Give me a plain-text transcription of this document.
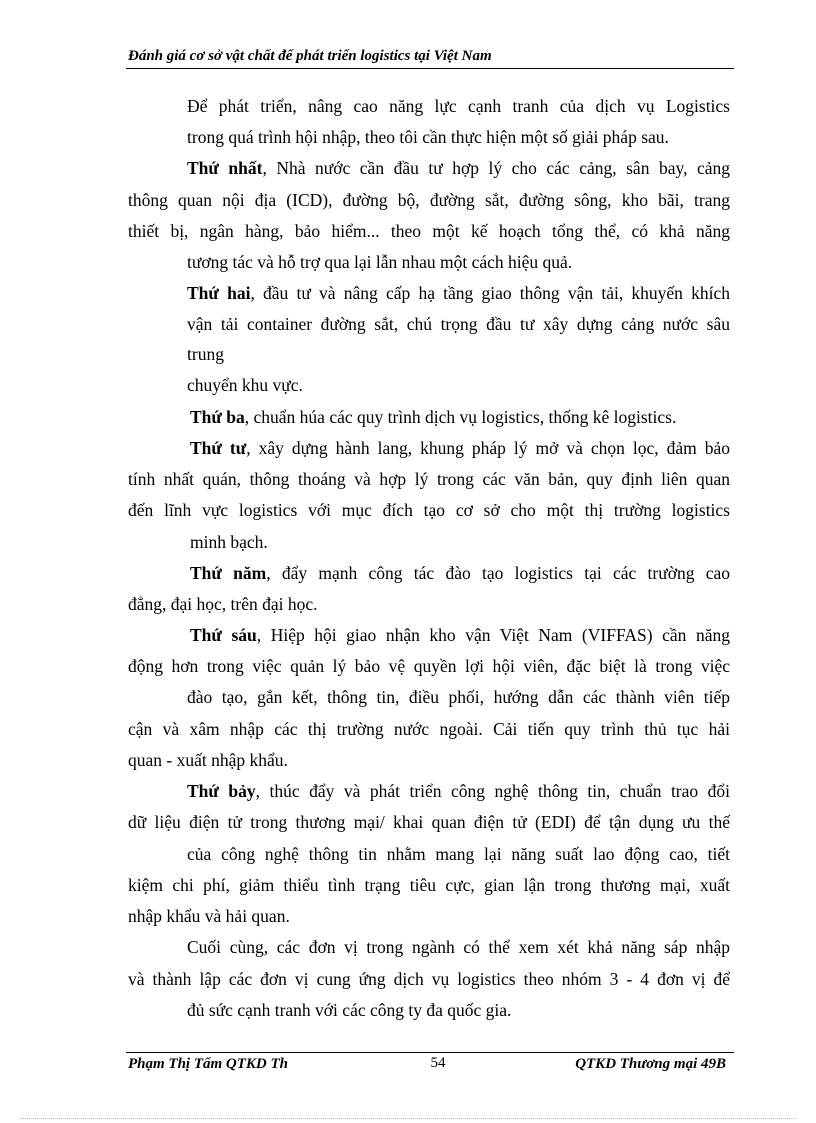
Đánh giá cơ sở vật chất để phát triển logistics tại Việt Nam
Để phát triển, nâng cao năng lực cạnh tranh của dịch vụ Logistics
trong quá trình hội nhập, theo tôi cần thực hiện một số giải pháp sau.
Thứ nhất, Nhà nước cần đầu tư hợp lý cho các cảng, sân bay, cảng
thông quan nội địa (ICD), đường bộ, đường sắt, đường sông, kho bãi, trang
thiết bị, ngân hàng, bảo hiểm... theo một kế hoạch tổng thể, có khả năng
tương tác và hỗ trợ qua lại lẫn nhau một cách hiệu quả.
Thứ hai, đầu tư và nâng cấp hạ tầng giao thông vận tải, khuyến khích
vận tải container đường sắt, chú trọng đầu tư xây dựng cảng nước sâu
trung
chuyển khu vực.
Thứ ba, chuẩn húa các quy trình dịch vụ logistics, thống kê logistics.
Thứ tư, xây dựng hành lang, khung pháp lý mở và chọn lọc, đảm bảo
tính nhất quán, thông thoáng và hợp lý trong các văn bản, quy định liên quan
đến lĩnh vực logistics với mục đích tạo cơ sở cho một thị trường logistics
minh bạch.
Thứ năm, đẩy mạnh công tác đào tạo logistics tại các trường cao
đẳng, đại học, trên đại học.
Thứ sáu, Hiệp hội giao nhận kho vận Việt Nam (VIFFAS) cần năng
động hơn trong việc quản lý bảo vệ quyền lợi hội viên, đặc biệt là trong việc
đào tạo, gắn kết, thông tin, điều phối, hướng dẫn các thành viên tiếp
cận và xâm nhập các thị trường nước ngoài. Cải tiến quy trình thủ tục hải
quan - xuất nhập khẩu.
Thứ bảy, thúc đẩy và phát triển công nghệ thông tin, chuẩn trao đổi
dữ liệu điện tử trong thương mại/ khai quan điện tử (EDI) để tận dụng ưu thế
của công nghệ thông tin nhằm mang lại năng suất lao động cao, tiết
kiệm chi phí, giảm thiểu tình trạng tiêu cực, gian lận trong thương mại, xuất
nhập khẩu và hải quan.
Cuối cùng, các đơn vị trong ngành có thể xem xét khả năng sáp nhập
và thành lập các đơn vị cung ứng dịch vụ logistics theo nhóm 3 - 4 đơn vị để
đủ sức cạnh tranh với các công ty đa quốc gia.
Phạm Thị Tấm QTKD Th	54	QTKD Thương mại 49B
